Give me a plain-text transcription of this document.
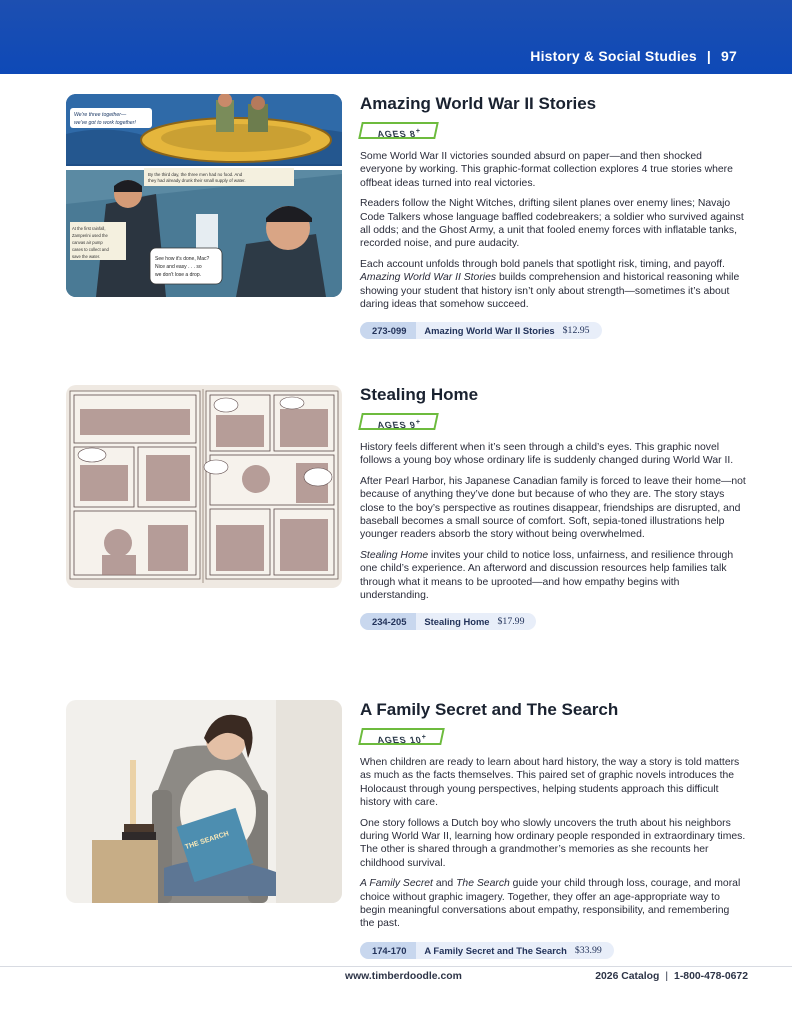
History & Social Studies | 97
We're three together—
we've got to work together!
By the third day, the three men had no food. And
they had already drunk their small supply of water.
At the first rainfall,
Zamperini used the
canvas air pump
cases to collect and
save the water.	See how it's done, Mac?
Nice and easy . . . so
we don't lose a drop.
Amazing World War II Stories
AGES 8+

Some World War II victories sounded absurd on paper—and then shocked everyone by working. This graphic-format collection explores 4 true stories where offbeat ideas turned into real victories.

Readers follow the Night Witches, drifting silent planes over enemy lines; Navajo Code Talkers whose language baffled codebreakers; a soldier who survived against all odds; and the Ghost Army, a unit that fooled enemy forces with inflatable tanks, recorded noise, and pure audacity.

Each account unfolds through bold panels that spotlight risk, timing, and payoff. Amazing World War II Stories builds comprehension and historical reasoning while showing your student that history isn’t only about strength—sometimes it’s about daring ideas that somehow succeed.

273-099	Amazing World War II Stories $12.95
Stealing Home
AGES 9+

History feels different when it’s seen through a child’s eyes. This graphic novel follows a young boy whose ordinary life is suddenly changed during World War II.

After Pearl Harbor, his Japanese Canadian family is forced to leave their home—not because of anything they’ve done but because of who they are. The story stays close to the boy’s perspective as routines disappear, friendships are disrupted, and baseball becomes a small source of comfort. Soft, sepia-toned illustrations help younger readers absorb the story without being overwhelmed.

Stealing Home invites your child to notice loss, unfairness, and resilience through one child’s experience. An afterword and discussion resources help families talk through what it means to be uprooted—and how empathy begins with understanding.

234-205	Stealing Home $17.99
THE SEARCH
A Family Secret and The Search
AGES 10+

When children are ready to learn about hard history, the way a story is told matters as much as the facts themselves. This paired set of graphic novels introduces the Holocaust through young perspectives, helping students approach this difficult history with care.

One story follows a Dutch boy who slowly uncovers the truth about his neighbors during World War II, learning how ordinary people responded in extraordinary times. The other is shared through a grandmother’s memories as she recounts her childhood survival.

A Family Secret and The Search guide your child through loss, courage, and moral choice without graphic imagery. Together, they offer an age-appropriate way to begin meaningful conversations about empathy, responsibility, and remembering the past.

174-170	A Family Secret and The Search $33.99
www.timberdoodle.com	2026 Catalog | 1-800-478-0672
